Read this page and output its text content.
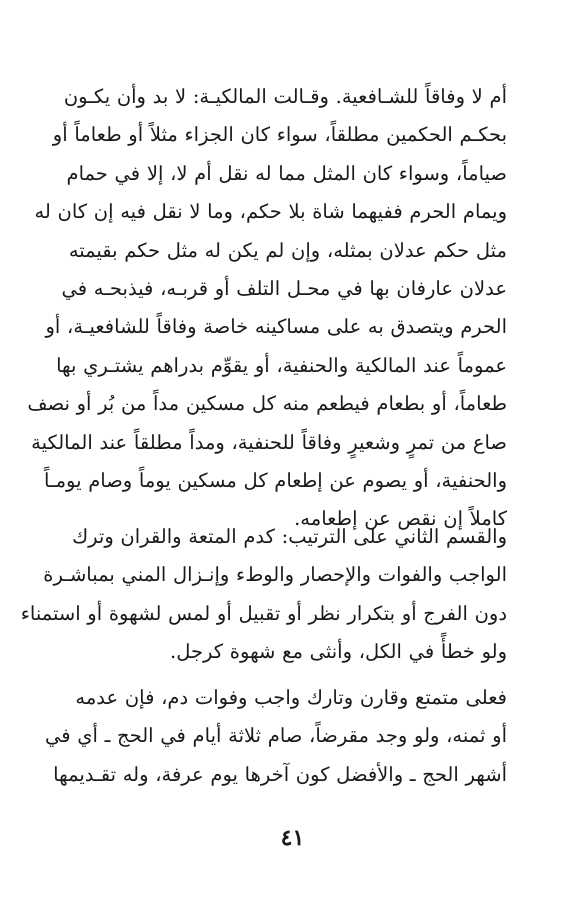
أم لا وفاقاً للشـافعية. وقـالت المالكيـة: لا بد وأن يكـون
بحكـم الحكمين مطلقاً، سواء كان الجزاء مثلاً أو طعاماً أو
صياماً، وسواء كان المثل مما له نقل أم لا، إلا في حمام
ويمام الحرم ففيهما شاة بلا حكم، وما لا نقل فيه إن كان له
مثل حكم عدلان بمثله، وإن لم يكن له مثل حكم بقيمته
عدلان عارفان بها في محـل التلف أو قربـه، فيذبحـه في
الحرم ويتصدق به على مساكينه خاصة وفاقاً للشافعيـة، أو
عموماً عند المالكية والحنفية، أو يقوِّم بدراهم يشتـري بها
طعاماً، أو بطعام فيطعم منه كل مسكين مداً من بُر أو نصف
صاع من تمرٍ وشعيرٍ وفاقاً للحنفية، ومداً مطلقاً عند المالكية
والحنفية، أو يصوم عن إطعام كل مسكين يوماً وصام يومـاً
كاملاً إن نقص عن إطعامه.
والقسم الثاني على الترتيب: كدم المتعة والقران وترك
الواجب والفوات والإحصار والوطء وإنـزال المني بمباشـرة
دون الفرج أو بتكرار نظر أو تقبيل أو لمس لشهوة أو استمناء
ولو خطأً في الكل، وأنثى مع شهوة كرجل.
فعلى متمتع وقارن وتارك واجب وفوات دم، فإن عدمه
أو ثمنه، ولو وجد مقرضاً، صام ثلاثة أيام في الحج ـ أي في
أشهر الحج ـ والأفضل كون آخرها يوم عرفة، وله تقـديمها
٤١
